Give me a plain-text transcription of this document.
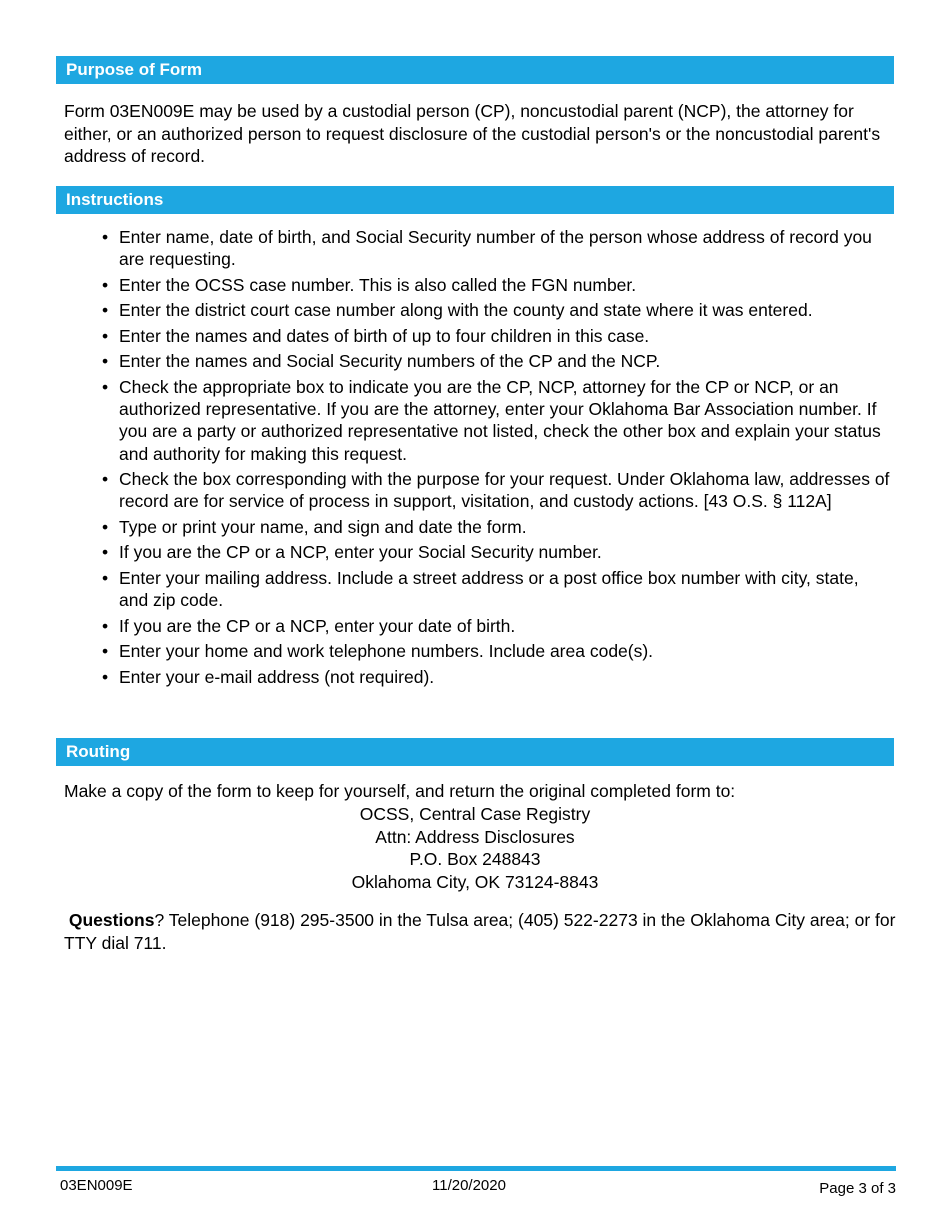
Purpose of Form

Form 03EN009E may be used by a custodial person (CP), noncustodial parent (NCP), the attorney for either, or an authorized person to request disclosure of the custodial person's or the noncustodial parent's address of record.

Instructions
• Enter name, date of birth, and Social Security number of the person whose address of record you are requesting.
• Enter the OCSS case number. This is also called the FGN number.
• Enter the district court case number along with the county and state where it was entered.
• Enter the names and dates of birth of up to four children in this case.
• Enter the names and Social Security numbers of the CP and the NCP.
• Check the appropriate box to indicate you are the CP, NCP, attorney for the CP or NCP, or an authorized representative. If you are the attorney, enter your Oklahoma Bar Association number. If you are a party or authorized representative not listed, check the other box and explain your status and authority for making this request.
• Check the box corresponding with the purpose for your request. Under Oklahoma law, addresses of record are for service of process in support, visitation, and custody actions. [43 O.S. § 112A]
• Type or print your name, and sign and date the form.
• If you are the CP or a NCP, enter your Social Security number.
• Enter your mailing address. Include a street address or a post office box number with city, state, and zip code.
• If you are the CP or a NCP, enter your date of birth.
• Enter your home and work telephone numbers. Include area code(s).
• Enter your e-mail address (not required).
Routing

Make a copy of the form to keep for yourself, and return the original completed form to:

OCSS, Central Case Registry
Attn: Address Disclosures
P.O. Box 248843
Oklahoma City, OK 73124-8843

Questions? Telephone (918) 295-3500 in the Tulsa area; (405) 522-2273 in the Oklahoma City area; or for TTY dial 711.

03EN009E	11/20/2020	Page 3 of 3
